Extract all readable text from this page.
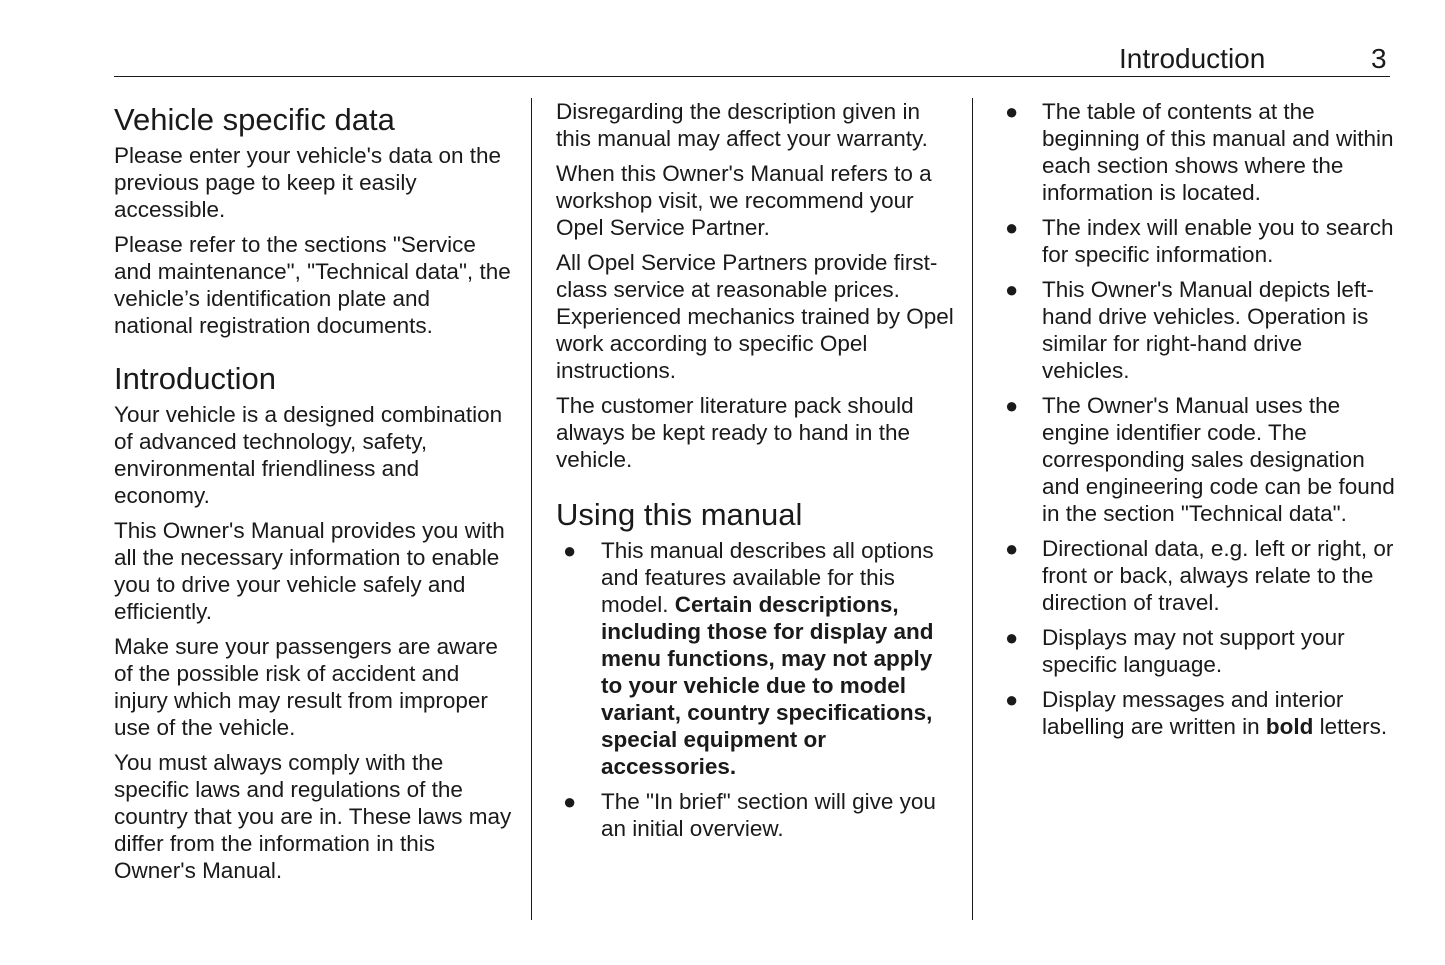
Introduction	3
Vehicle specific data

Please enter your vehicle's data on the previous page to keep it easily accessible.

Please refer to the sections "Service and maintenance", "Technical data", the vehicle’s identification plate and national registration documents.

Introduction

Your vehicle is a designed combination of advanced technology, safety, environmental friendliness and economy.

This Owner's Manual provides you with all the necessary information to enable you to drive your vehicle safely and efficiently.

Make sure your passengers are aware of the possible risk of accident and injury which may result from improper use of the vehicle.

You must always comply with the specific laws and regulations of the country that you are in. These laws may differ from the information in this Owner's Manual.

Disregarding the description given in this manual may affect your warranty.

When this Owner's Manual refers to a workshop visit, we recommend your Opel Service Partner.

All Opel Service Partners provide first-class service at reasonable prices. Experienced mechanics trained by Opel work according to specific Opel instructions.

The customer literature pack should always be kept ready to hand in the vehicle.

Using this manual
● This manual describes all options and features available for this model. Certain descriptions, including those for display and menu functions, may not apply to your vehicle due to model variant, country specifications, special equipment or accessories.
● The "In brief" section will give you an initial overview.
● The table of contents at the beginning of this manual and within each section shows where the information is located.
● The index will enable you to search for specific information.
● This Owner's Manual depicts left-hand drive vehicles. Operation is similar for right-hand drive vehicles.
● The Owner's Manual uses the engine identifier code. The corresponding sales designation and engineering code can be found in the section "Technical data".
● Directional data, e.g. left or right, or front or back, always relate to the direction of travel.
● Displays may not support your specific language.
● Display messages and interior labelling are written in bold letters.
